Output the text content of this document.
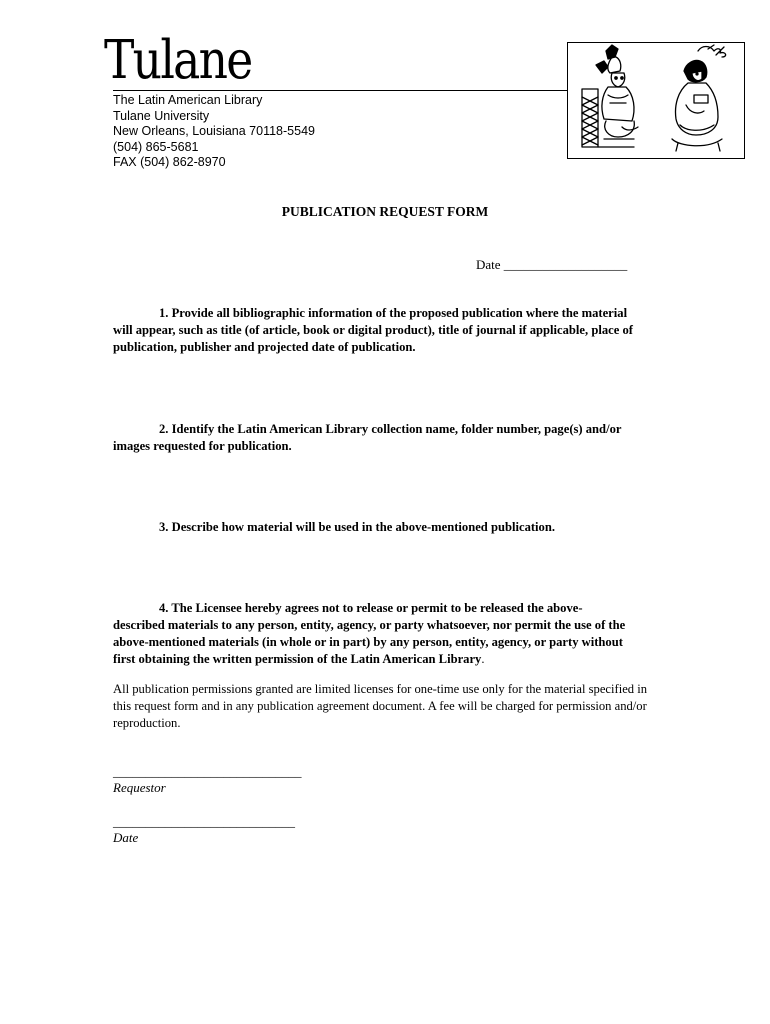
Tulane
The Latin American Library
Tulane University
New Orleans, Louisiana 70118-5549
(504) 865-5681
FAX (504) 862-8970
PUBLICATION REQUEST FORM
Date ___________________
1. Provide all bibliographic information of the proposed publication where the material will appear, such as title (of article, book or digital product), title of journal if applicable, place of publication, publisher and projected date of publication.
2. Identify the Latin American Library collection name, folder number, page(s) and/or images requested for publication.
3. Describe how material will be used in the above-mentioned publication.
4. The Licensee hereby agrees not to release or permit to be released the above-described materials to any person, entity, agency, or party whatsoever, nor permit the use of the above-mentioned materials (in whole or in part) by any person, entity, agency, or party without first obtaining the written permission of the Latin American Library.
All publication permissions granted are limited licenses for one-time use only for the material specified in this request form and in any publication agreement document. A fee will be charged for permission and/or reproduction.
_____________________________
Requestor
____________________________
Date
